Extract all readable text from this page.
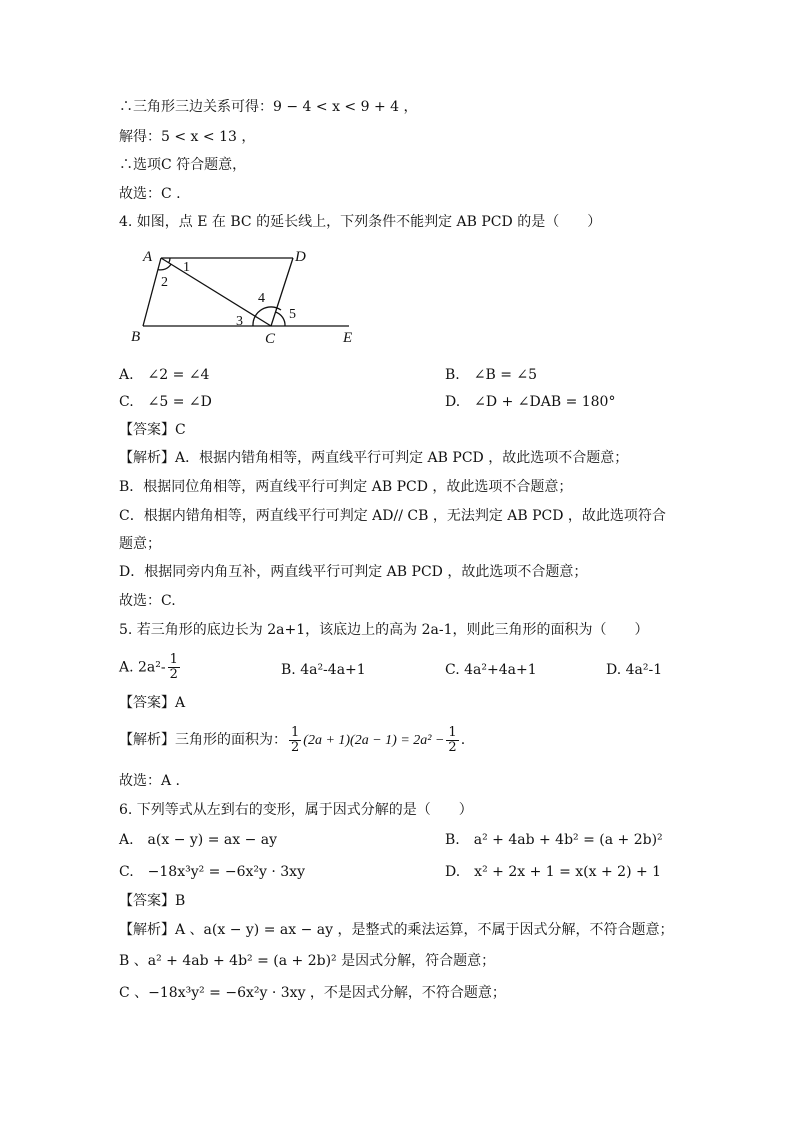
∴三角形三边关系可得：9 − 4 < x < 9 + 4 ，
解得：5 < x < 13 ，
∴选项C 符合题意，
故选：C .
4. 如图，点 E 在 BC 的延长线上，下列条件不能判定 AB PCD 的是（　　）
A	D
B	C	E
1
2
3
4
5
A.　∠2 = ∠4	B.　∠B = ∠5
C.　∠5 = ∠D	D.　∠D + ∠DAB = 180°
【答案】C
【解析】A．根据内错角相等，两直线平行可判定 AB PCD ，故此选项不合题意；
B．根据同位角相等，两直线平行可判定 AB PCD ，故此选项不合题意；
C．根据内错角相等，两直线平行可判定 AD// CB ，无法判定 AB PCD ，故此选项符合
题意；
D．根据同旁内角互补，两直线平行可判定 AB PCD ，故此选项不合题意；
故选：C.
5. 若三角形的底边长为 2a+1，该底边上的高为 2a-1，则此三角形的面积为（　　）
A. $2a^2- \frac{1}{2}$	B. 4a²-4a+1	C. 4a²+4a+1	D. 4a²-1
【答案】A
【解析】三角形的面积为： $\frac{1}{2} (2a + 1)(2a - 1) = 2a^2 - \frac{1}{2}$ .
故选：A .
6. 下列等式从左到右的变形，属于因式分解的是（　　）
A.　a(x − y) = ax − ay	B.　a² + 4ab + 4b² = (a + 2b)²
C.　−18x³y² = −6x²y · 3xy	D.　x² + 2x + 1 = x(x + 2) + 1
【答案】B
【解析】A 、a(x − y) = ax − ay ，是整式的乘法运算，不属于因式分解，不符合题意；
B 、a² + 4ab + 4b² = (a + 2b)² 是因式分解，符合题意；
C 、−18x³y² = −6x²y · 3xy ，不是因式分解，不符合题意；
